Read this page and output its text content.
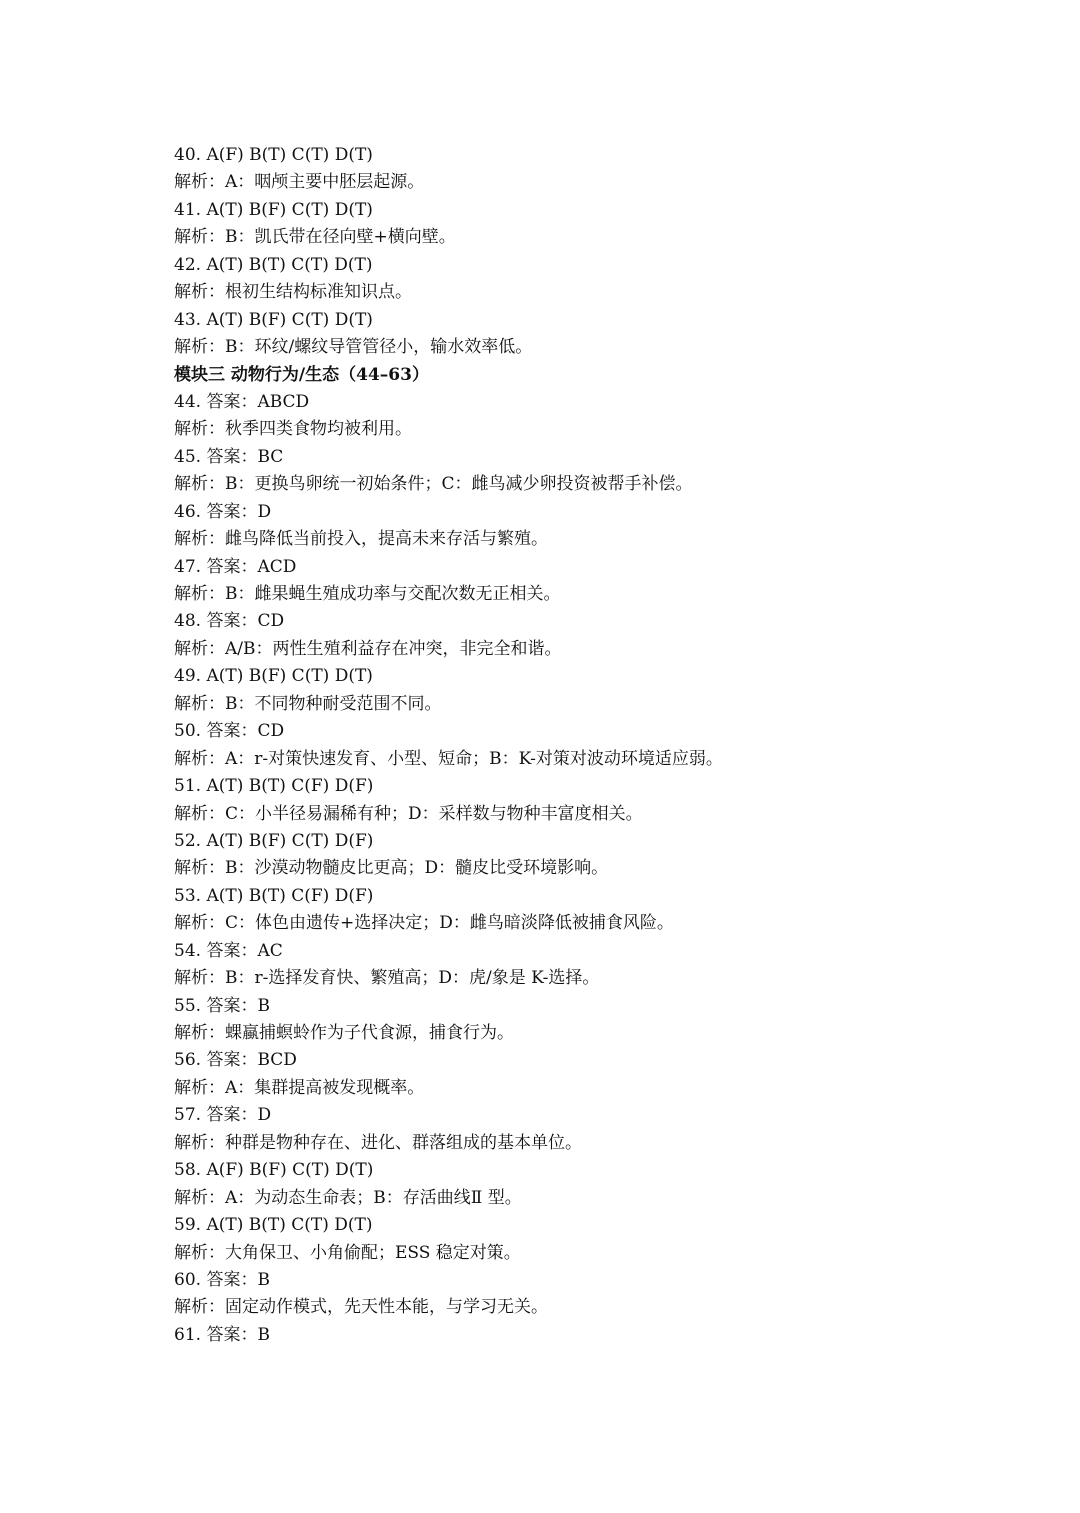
40. A(F) B(T) C(T) D(T)
解析：A：咽颅主要中胚层起源。
41. A(T) B(F) C(T) D(T)
解析：B：凯氏带在径向壁+横向壁。
42. A(T) B(T) C(T) D(T)
解析：根初生结构标准知识点。
43. A(T) B(F) C(T) D(T)
解析：B：环纹/螺纹导管管径小，输水效率低。
模块三 动物行为/生态（44–63）
44. 答案：ABCD
解析：秋季四类食物均被利用。
45. 答案：BC
解析：B：更换鸟卵统一初始条件；C：雌鸟减少卵投资被帮手补偿。
46. 答案：D
解析：雌鸟降低当前投入，提高未来存活与繁殖。
47. 答案：ACD
解析：B：雌果蝇生殖成功率与交配次数无正相关。
48. 答案：CD
解析：A/B：两性生殖利益存在冲突，非完全和谐。
49. A(T) B(F) C(T) D(T)
解析：B：不同物种耐受范围不同。
50. 答案：CD
解析：A：r-对策快速发育、小型、短命；B：K-对策对波动环境适应弱。
51. A(T) B(T) C(F) D(F)
解析：C：小半径易漏稀有种；D：采样数与物种丰富度相关。
52. A(T) B(F) C(T) D(F)
解析：B：沙漠动物髓皮比更高；D：髓皮比受环境影响。
53. A(T) B(T) C(F) D(F)
解析：C：体色由遗传+选择决定；D：雌鸟暗淡降低被捕食风险。
54. 答案：AC
解析：B：r-选择发育快、繁殖高；D：虎/象是 K-选择。
55. 答案：B
解析：蜾蠃捕螟蛉作为子代食源，捕食行为。
56. 答案：BCD
解析：A：集群提高被发现概率。
57. 答案：D
解析：种群是物种存在、进化、群落组成的基本单位。
58. A(F) B(F) C(T) D(T)
解析：A：为动态生命表；B：存活曲线Ⅱ 型。
59. A(T) B(T) C(T) D(T)
解析：大角保卫、小角偷配；ESS 稳定对策。
60. 答案：B
解析：固定动作模式，先天性本能，与学习无关。
61. 答案：B
